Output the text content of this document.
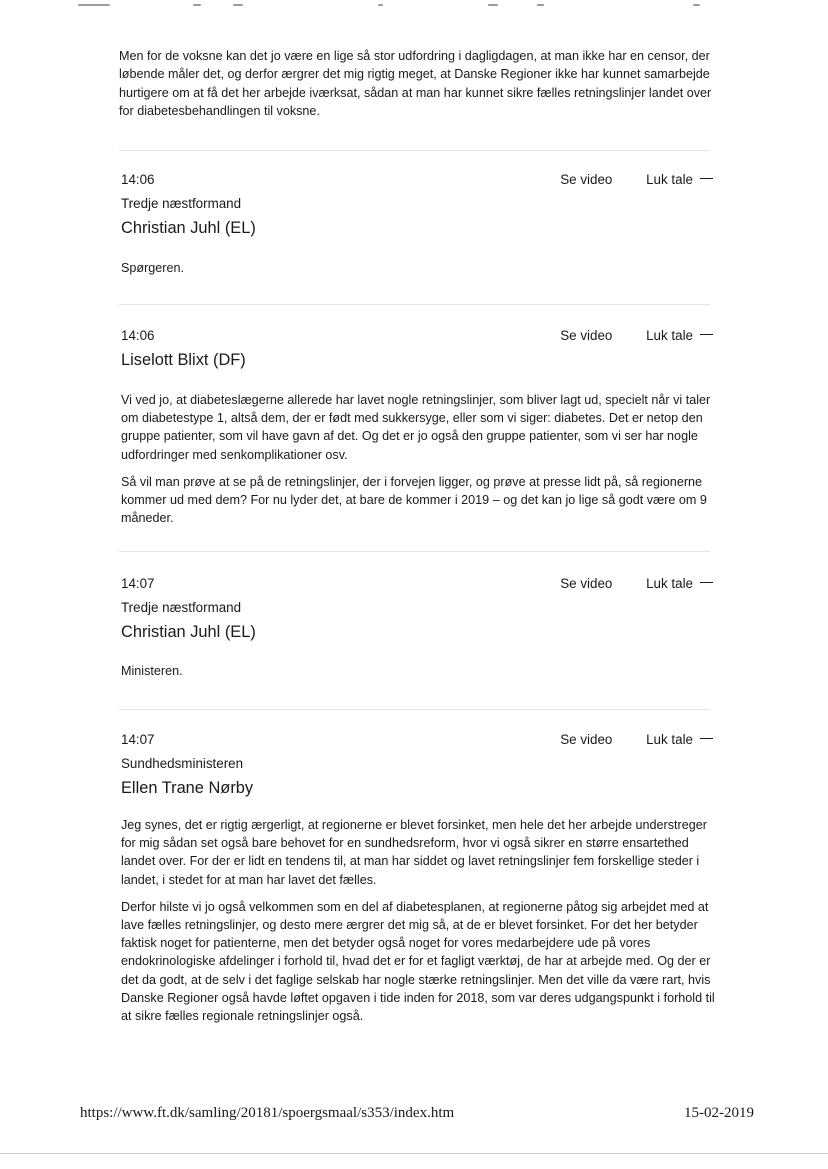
Men for de voksne kan det jo være en lige så stor udfordring i dagligdagen, at man ikke har en censor, der løbende måler det, og derfor ærgrer det mig rigtig meget, at Danske Regioner ikke har kunnet samarbejde hurtigere om at få det her arbejde iværksat, sådan at man har kunnet sikre fælles retningslinjer landet over for diabetesbehandlingen til voksne.

14:06	Se video	Luk tale
Tredje næstformand
Christian Juhl (EL)

Spørgeren.

14:06	Se video	Luk tale
Liselott Blixt (DF)

Vi ved jo, at diabeteslægerne allerede har lavet nogle retningslinjer, som bliver lagt ud, specielt når vi taler om diabetestype 1, altså dem, der er født med sukkersyge, eller som vi siger: diabetes. Det er netop den gruppe patienter, som vil have gavn af det. Og det er jo også den gruppe patienter, som vi ser har nogle udfordringer med senkomplikationer osv.

Så vil man prøve at se på de retningslinjer, der i forvejen ligger, og prøve at presse lidt på, så regionerne kommer ud med dem? For nu lyder det, at bare de kommer i 2019 – og det kan jo lige så godt være om 9 måneder.

14:07	Se video	Luk tale
Tredje næstformand
Christian Juhl (EL)

Ministeren.

14:07	Se video	Luk tale
Sundhedsministeren
Ellen Trane Nørby

Jeg synes, det er rigtig ærgerligt, at regionerne er blevet forsinket, men hele det her arbejde understreger for mig sådan set også bare behovet for en sundhedsreform, hvor vi også sikrer en større ensartethed landet over. For der er lidt en tendens til, at man har siddet og lavet retningslinjer fem forskellige steder i landet, i stedet for at man har lavet det fælles.

Derfor hilste vi jo også velkommen som en del af diabetesplanen, at regionerne påtog sig arbejdet med at lave fælles retningslinjer, og desto mere ærgrer det mig så, at de er blevet forsinket. For det her betyder faktisk noget for patienterne, men det betyder også noget for vores medarbejdere ude på vores endokrinologiske afdelinger i forhold til, hvad det er for et fagligt værktøj, de har at arbejde med. Og der er det da godt, at de selv i det faglige selskab har nogle stærke retningslinjer. Men det ville da være rart, hvis Danske Regioner også havde løftet opgaven i tide inden for 2018, som var deres udgangspunkt i forhold til at sikre fælles regionale retningslinjer også.

https://www.ft.dk/samling/20181/spoergsmaal/s353/index.htm	15-02-2019
